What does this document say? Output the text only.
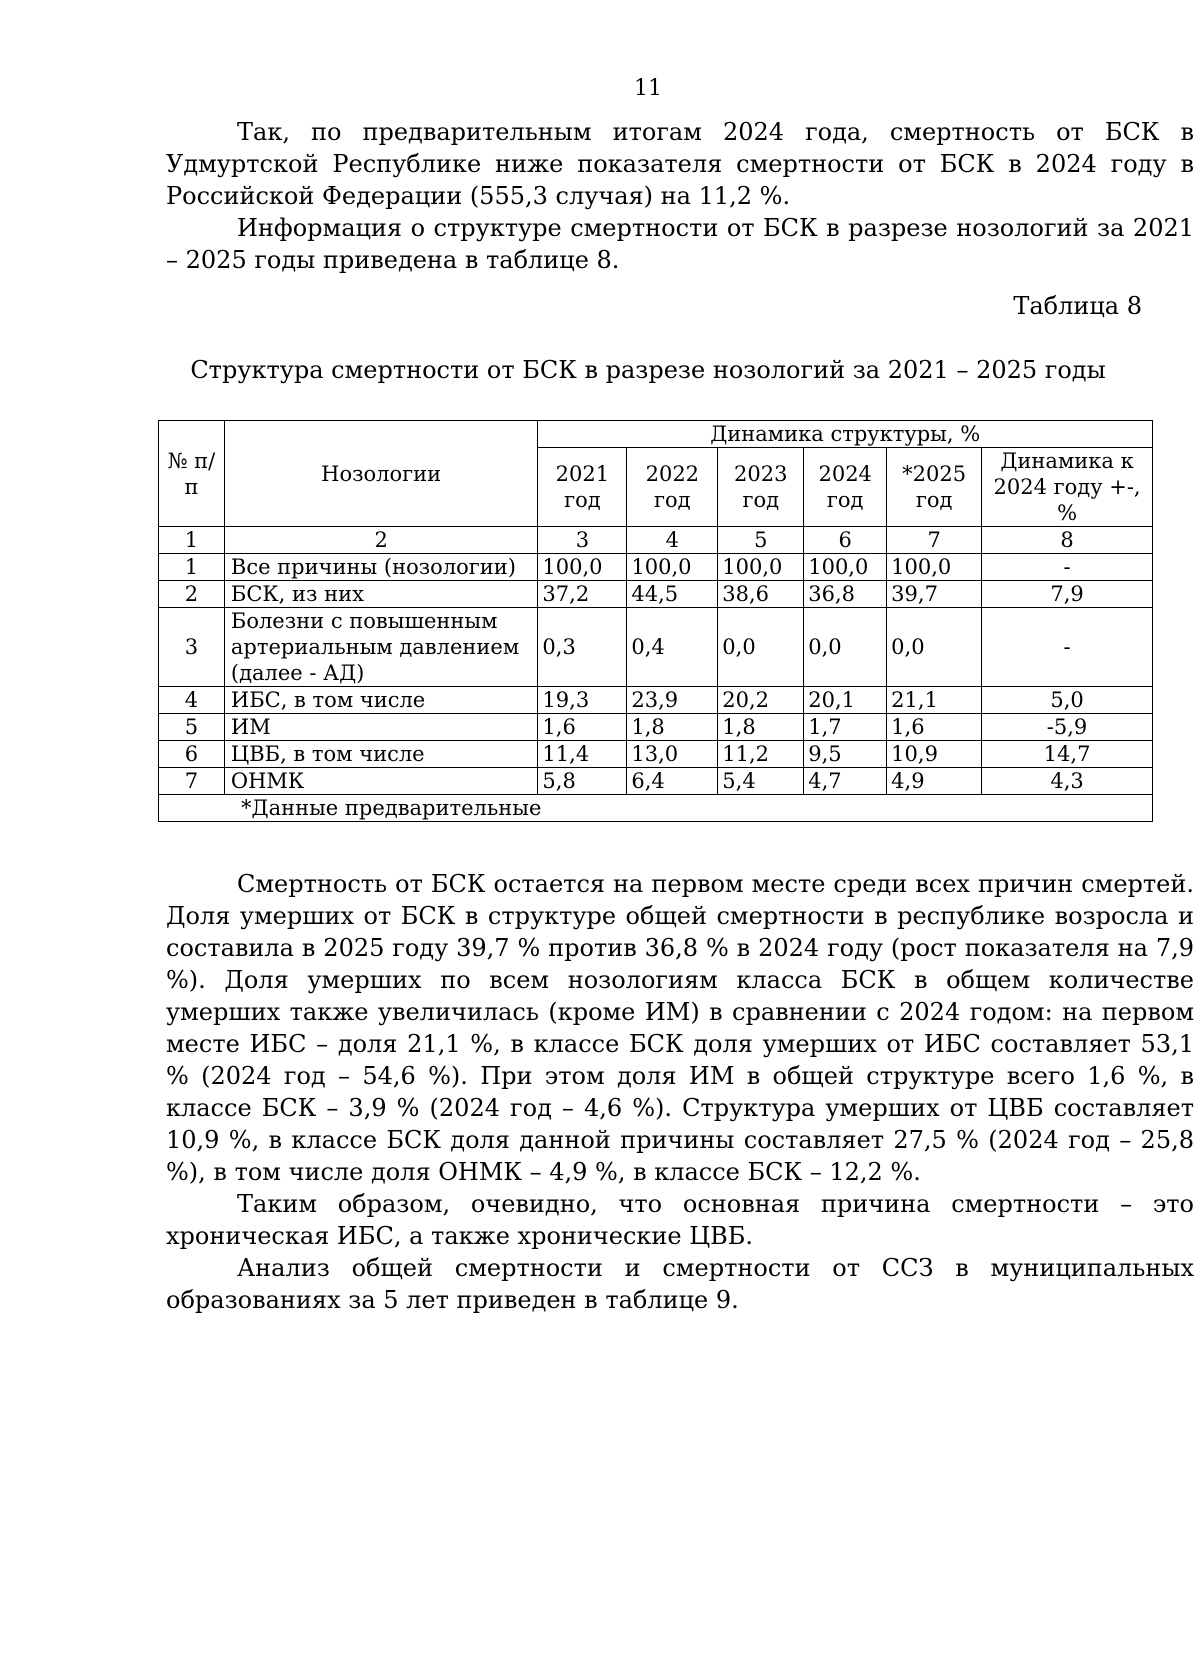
11

Так, по предварительным итогам 2024 года, смертность от БСК в Удмуртской Республике ниже показателя смертности от БСК в 2024 году в Российской Федерации (555,3 случая) на 11,2 %.

Информация о структуре смертности от БСК в разрезе нозологий за 2021 – 2025 годы приведена в таблице 8.

Таблица 8
Структура смертности от БСК в разрезе нозологий за 2021 – 2025 годы
№ п/п	Нозологии	Динамика структуры, %					
		2021 год	2022 год	2023 год	2024 год	*2025 год	Динамика к 2024 году +-, %
1	2	3	4	5	6	7	8
1	Все причины (нозологии)	100,0	100,0	100,0	100,0	100,0	-
2	БСК, из них	37,2	44,5	38,6	36,8	39,7	7,9
3	Болезни с повышенным артериальным давлением (далее - АД)	0,3	0,4	0,0	0,0	0,0	-
4	ИБС, в том числе	19,3	23,9	20,2	20,1	21,1	5,0
5	ИМ	1,6	1,8	1,8	1,7	1,6	-5,9
6	ЦВБ, в том числе	11,4	13,0	11,2	9,5	10,9	14,7
7	ОНМК	5,8	6,4	5,4	4,7	4,9	4,3
*Данные предварительные							

Смертность от БСК остается на первом месте среди всех причин смертей. Доля умерших от БСК в структуре общей смертности в республике возросла и составила в 2025 году 39,7 % против 36,8 % в 2024 году (рост показателя на 7,9 %). Доля умерших по всем нозологиям класса БСК в общем количестве умерших также увеличилась (кроме ИМ) в сравнении с 2024 годом: на первом месте ИБС – доля 21,1 %, в классе БСК доля умерших от ИБС составляет 53,1 % (2024 год – 54,6 %). При этом доля ИМ в общей структуре всего 1,6 %, в классе БСК – 3,9 % (2024 год – 4,6 %). Структура умерших от ЦВБ составляет 10,9 %, в классе БСК доля данной причины составляет 27,5 % (2024 год – 25,8 %), в том числе доля ОНМК – 4,9 %, в классе БСК – 12,2 %.

Таким образом, очевидно, что основная причина смертности – это хроническая ИБС, а также хронические ЦВБ.

Анализ общей смертности и смертности от ССЗ в муниципальных образованиях за 5 лет приведен в таблице 9.
